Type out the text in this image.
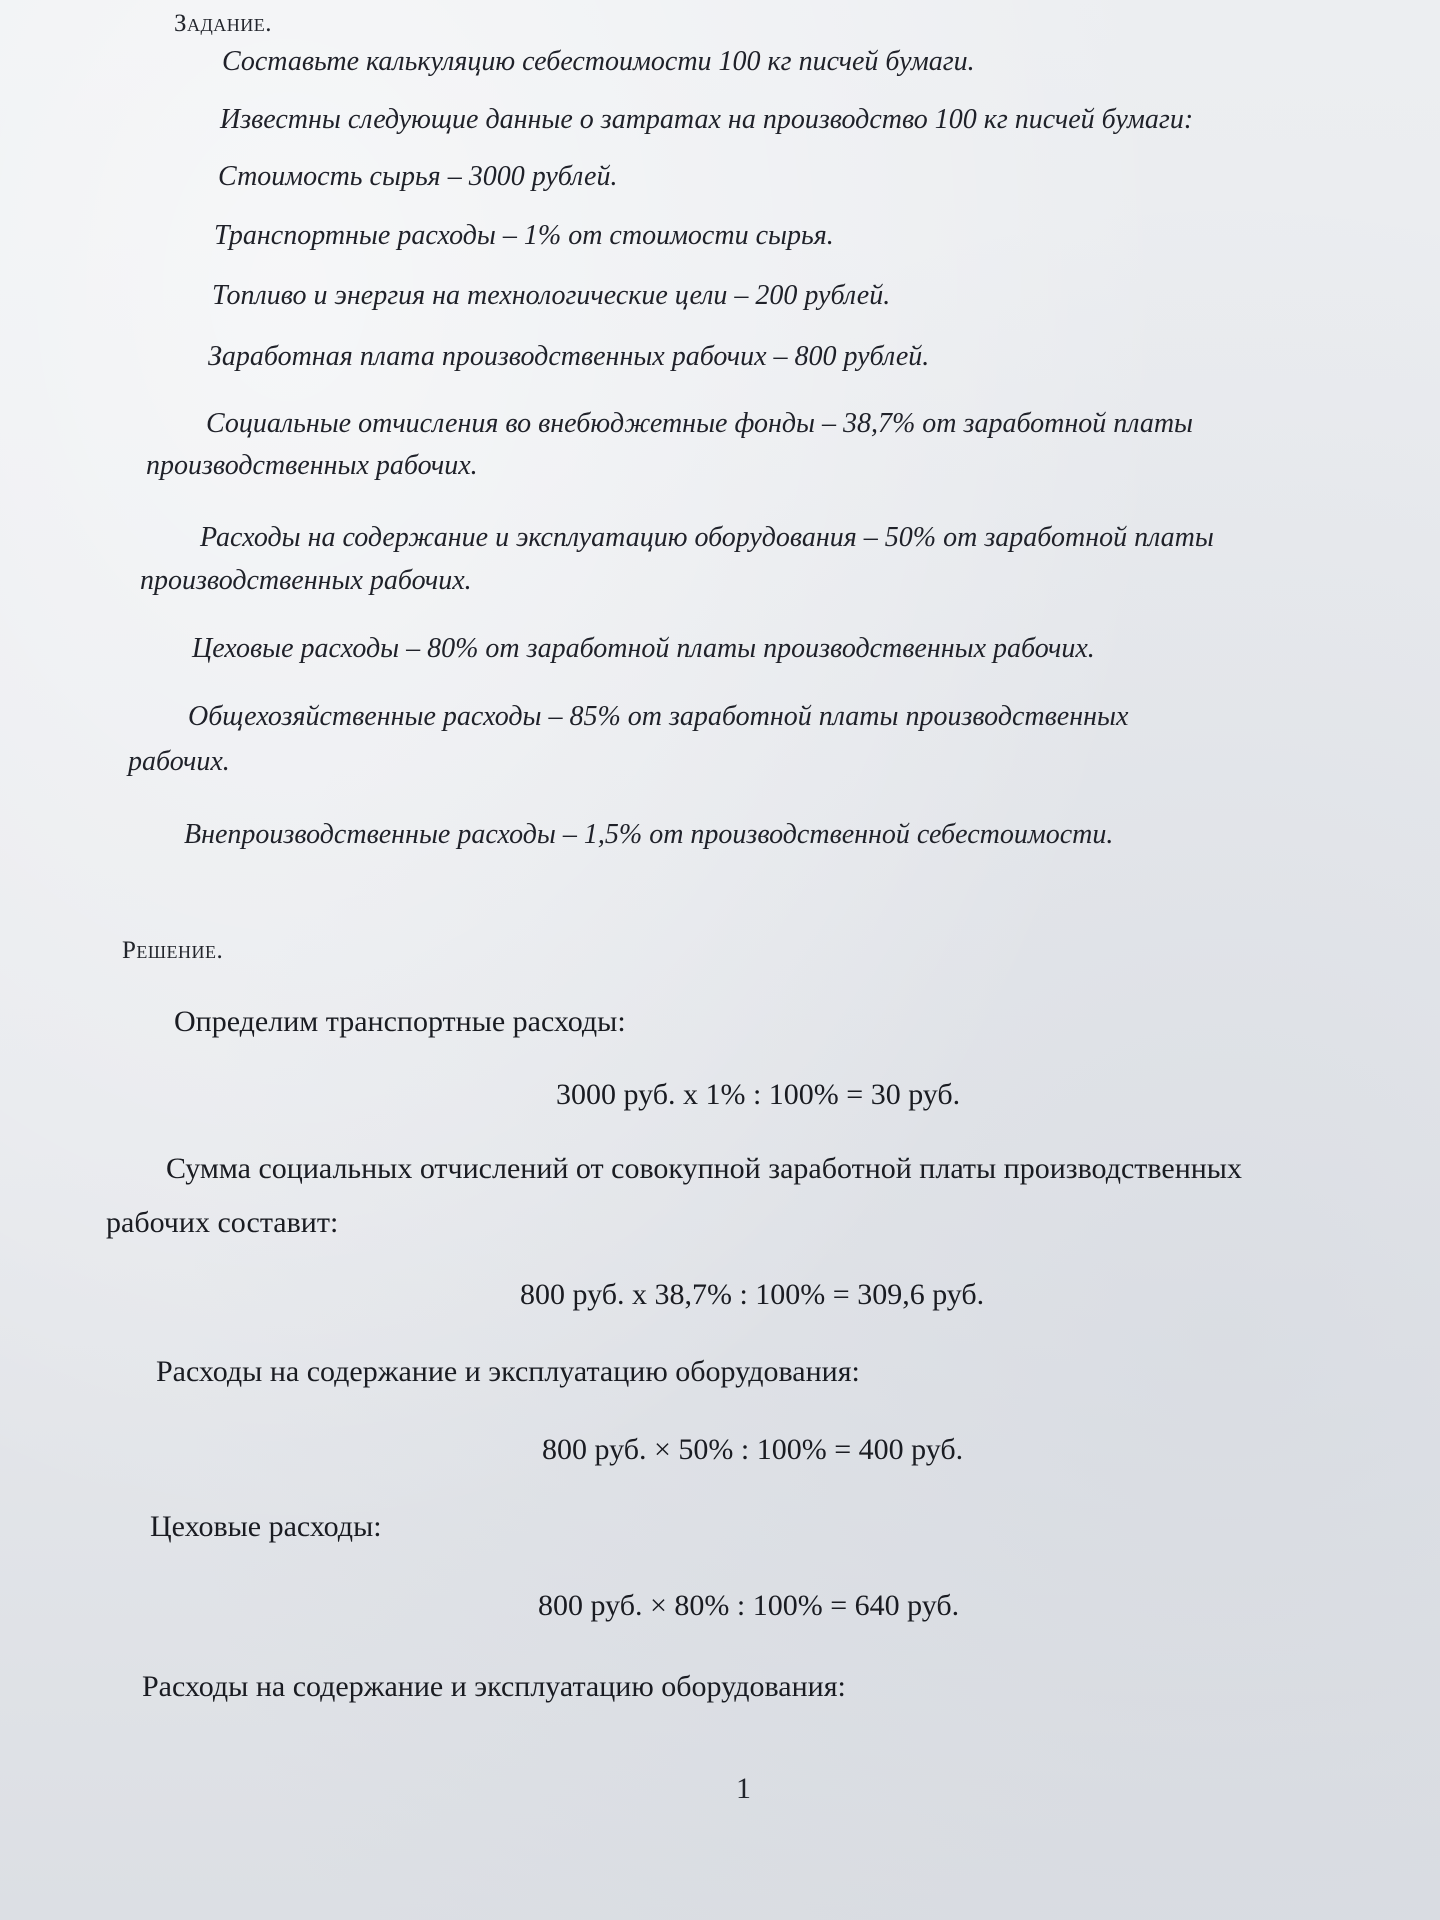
Задание.

Составьте калькуляцию себестоимости 100 кг писчей бумаги.

Известны следующие данные о затратах на производство 100 кг писчей бумаги:

Стоимость сырья – 3000 рублей.

Транспортные расходы – 1% от стоимости сырья.

Топливо и энергия на технологические цели – 200 рублей.

Заработная плата производственных рабочих – 800 рублей.

Социальные отчисления во внебюджетные фонды – 38,7% от заработной платы

производственных рабочих.

Расходы на содержание и эксплуатацию оборудования – 50% от заработной платы

производственных рабочих.

Цеховые расходы – 80% от заработной платы производственных рабочих.

Общехозяйственные расходы – 85% от заработной платы производственных

рабочих.

Внепроизводственные расходы – 1,5% от производственной себестоимости.

Решение.

Определим транспортные расходы:

3000 руб. х 1% : 100% = 30 руб.

Сумма социальных отчислений от совокупной заработной платы производственных

рабочих составит:

800 руб. х 38,7% : 100% = 309,6 руб.

Расходы на содержание и эксплуатацию оборудования:

800 руб. × 50% : 100% = 400 руб.

Цеховые расходы:

800 руб. × 80% : 100% = 640 руб.

Расходы на содержание и эксплуатацию оборудования:

1
